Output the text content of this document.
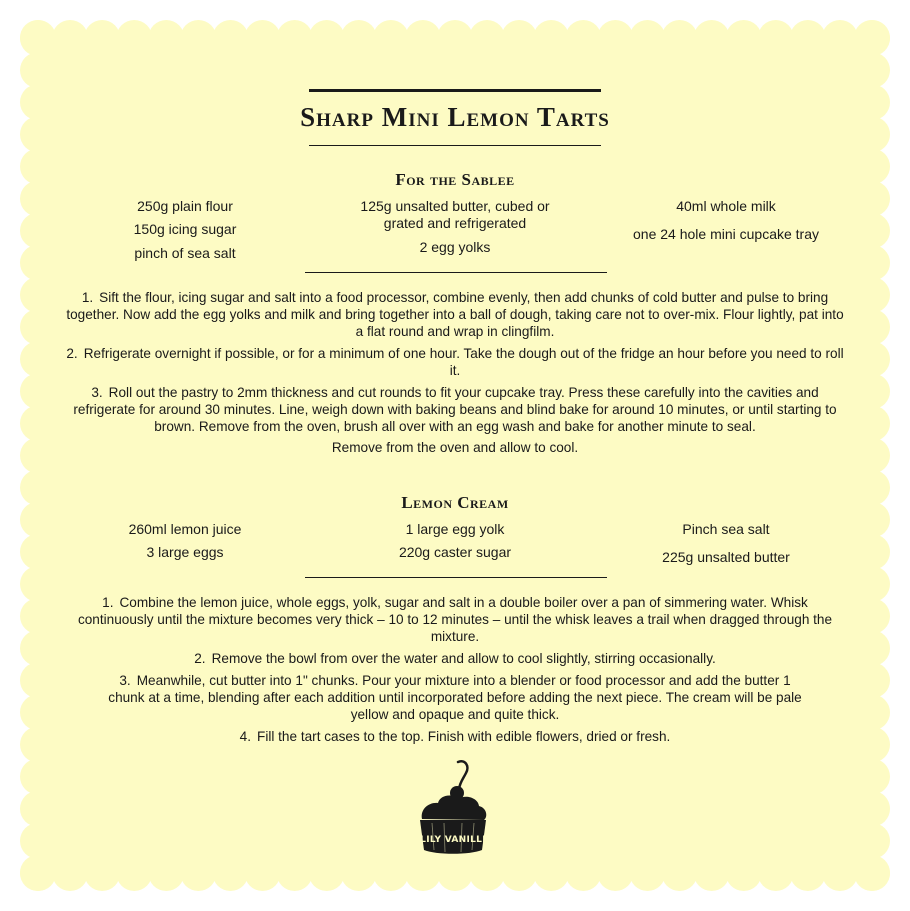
Sharp Mini Lemon Tarts
For the Sablee
250g plain flour
150g icing sugar
pinch of sea salt
125g unsalted butter, cubed or grated and refrigerated
2 egg yolks
40ml whole milk
one 24 hole mini cupcake tray
1. Sift the flour, icing sugar and salt into a food processor, combine evenly, then add chunks of cold butter and pulse to bring together. Now add the egg yolks and milk and bring together into a ball of dough, taking care not to over-mix. Flour lightly, pat into a flat round and wrap in clingfilm.
2. Refrigerate overnight if possible, or for a minimum of one hour. Take the dough out of the fridge an hour before you need to roll it.
3. Roll out the pastry to 2mm thickness and cut rounds to fit your cupcake tray. Press these carefully into the cavities and refrigerate for around 30 minutes. Line, weigh down with baking beans and blind bake for around 10 minutes, or until starting to brown. Remove from the oven, brush all over with an egg wash and bake for another minute to seal.
Remove from the oven and allow to cool.
Lemon Cream
260ml lemon juice
3 large eggs
1 large egg yolk
220g caster sugar
Pinch sea salt
225g unsalted butter
1. Combine the lemon juice, whole eggs, yolk, sugar and salt in a double boiler over a pan of simmering water. Whisk continuously until the mixture becomes very thick – 10 to 12 minutes – until the whisk leaves a trail when dragged through the mixture.
2. Remove the bowl from over the water and allow to cool slightly, stirring occasionally.
3. Meanwhile, cut butter into 1" chunks. Pour your mixture into a blender or food processor and add the butter 1 chunk at a time, blending after each addition until incorporated before adding the next piece. The cream will be pale yellow and opaque and quite thick.
4. Fill the tart cases to the top. Finish with edible flowers, dried or fresh.
LILY VANILLI
